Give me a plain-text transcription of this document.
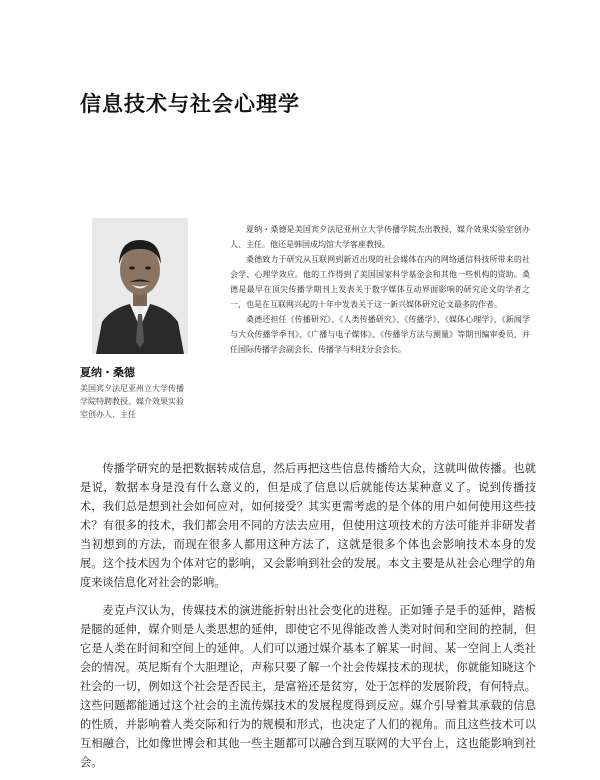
信息技术与社会心理学
夏纳・桑德
美国宾夕法尼亚州立大学传播学院特聘教授、媒介效果实验室创办人、主任

夏纳・桑德是美国宾夕法尼亚州立大学传播学院杰出教授，媒介效果实验室创办人、主任。他还是韩国成均馆大学客座教授。

桑德致力于研究从互联网到新近出现的社会媒体在内的网络通信科技所带来的社会学、心理学效应。他的工作得到了美国国家科学基金会和其他一些机构的资助。桑德是最早在顶尖传播学期刊上发表关于数字媒体互动界面影响的研究论文的学者之一，也是在互联网兴起的十年中发表关于这一新兴媒体研究论文最多的作者。

桑德还担任《传播研究》、《人类传播研究》、《传播学》、《媒体心理学》、《新闻学与大众传播学季刊》、《广播与电子媒体》、《传播学方法与测量》等期刊编审委员，并任国际传播学会副会长、传播学与科技分会会长。

传播学研究的是把数据转成信息，然后再把这些信息传播给大众，这就叫做传播。也就是说，数据本身是没有什么意义的，但是成了信息以后就能传达某种意义了。说到传播技术，我们总是想到社会如何应对，如何接受？其实更需考虑的是个体的用户如何使用这些技术？有很多的技术，我们都会用不同的方法去应用，但使用这项技术的方法可能并非研发者当初想到的方法，而现在很多人都用这种方法了，这就是很多个体也会影响技术本身的发展。这个技术因为个体对它的影响，又会影响到社会的发展。本文主要是从社会心理学的角度来谈信息化对社会的影响。

麦克卢汉认为，传媒技术的演进能折射出社会变化的进程。正如锤子是手的延伸，踏板是腿的延伸，媒介则是人类思想的延伸，即使它不见得能改善人类对时间和空间的控制，但它是人类在时间和空间上的延伸。人们可以通过媒介基本了解某一时间、某一空间上人类社会的情况。英尼斯有个大胆理论，声称只要了解一个社会传媒技术的现状，你就能知晓这个社会的一切，例如这个社会是否民主，是富裕还是贫穷，处于怎样的发展阶段，有何特点。这些问题都能通过这个社会的主流传媒技术的发展程度得到反应。媒介引导着其承载的信息的性质，并影响着人类交际和行为的规模和形式，也决定了人们的视角。而且这些技术可以互相融合，比如像世博会和其他一些主题都可以融合到互联网的大平台上，这也能影响到社会。
